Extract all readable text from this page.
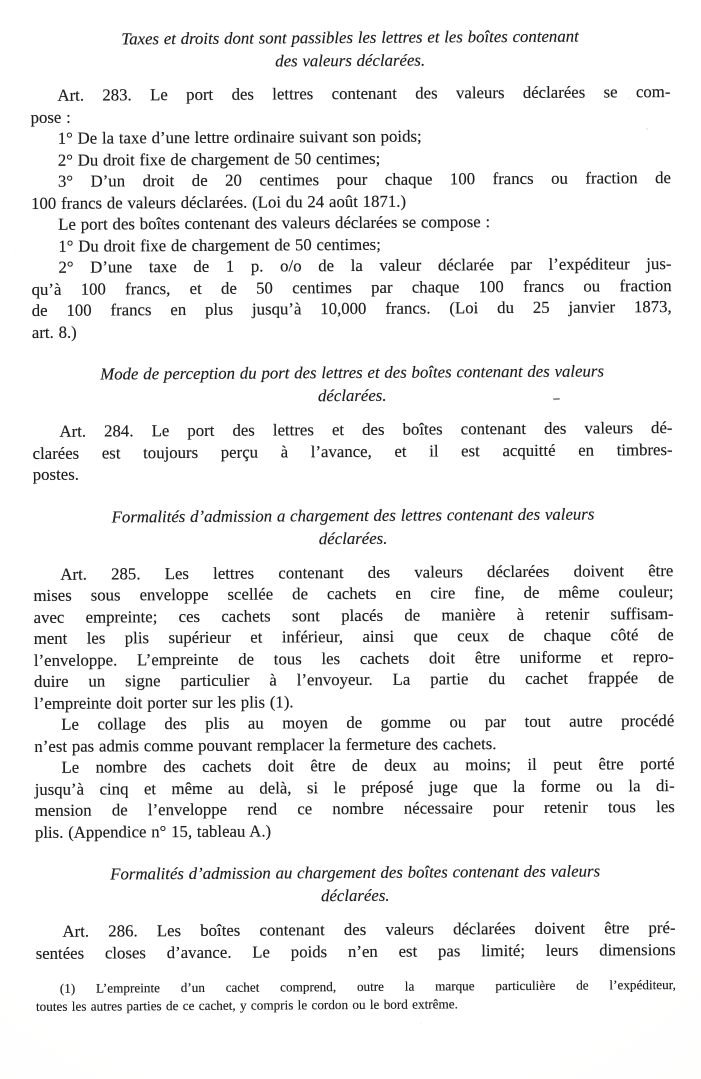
Taxes et droits dont sont passibles les lettres et les boîtes contenant
des valeurs déclarées.

Art. 283. Le port des lettres contenant des valeurs déclarées se com-
pose :

1° De la taxe d’une lettre ordinaire suivant son poids;

2° Du droit fixe de chargement de 50 centimes;

3° D’un droit de 20 centimes pour chaque 100 francs ou fraction de
100 francs de valeurs déclarées. (Loi du 24 août 1871.)

Le port des boîtes contenant des valeurs déclarées se compose :

1° Du droit fixe de chargement de 50 centimes;

2° D’une taxe de 1 p. o/o de la valeur déclarée par l’expéditeur jus-
qu’à 100 francs, et de 50 centimes par chaque 100 francs ou fraction
de 100 francs en plus jusqu’à 10,000 francs. (Loi du 25 janvier 1873,
art. 8.)

Mode de perception du port des lettres et des boîtes contenant des valeurs
déclarées.

Art. 284. Le port des lettres et des boîtes contenant des valeurs dé-
clarées est toujours perçu à l’avance, et il est acquitté en timbres-
postes.

Formalités d’admission a chargement des lettres contenant des valeurs
déclarées.

Art. 285. Les lettres contenant des valeurs déclarées doivent être
mises sous enveloppe scellée de cachets en cire fine, de même couleur;
avec empreinte; ces cachets sont placés de manière à retenir suffisam-
ment les plis supérieur et inférieur, ainsi que ceux de chaque côté de
l’enveloppe. L’empreinte de tous les cachets doit être uniforme et repro-
duire un signe particulier à l’envoyeur. La partie du cachet frappée de
l’empreinte doit porter sur les plis (1).

Le collage des plis au moyen de gomme ou par tout autre procédé
n’est pas admis comme pouvant remplacer la fermeture des cachets.

Le nombre des cachets doit être de deux au moins; il peut être porté
jusqu’à cinq et même au delà, si le préposé juge que la forme ou la di-
mension de l’enveloppe rend ce nombre nécessaire pour retenir tous les
plis. (Appendice n° 15, tableau A.)

Formalités d’admission au chargement des boîtes contenant des valeurs
déclarées.

Art. 286. Les boîtes contenant des valeurs déclarées doivent être pré-
sentées closes d’avance. Le poids n’en est pas limité; leurs dimensions

(1) L’empreinte d’un cachet comprend, outre la marque particulière de l’expéditeur,
toutes les autres parties de ce cachet, y compris le cordon ou le bord extrême.
